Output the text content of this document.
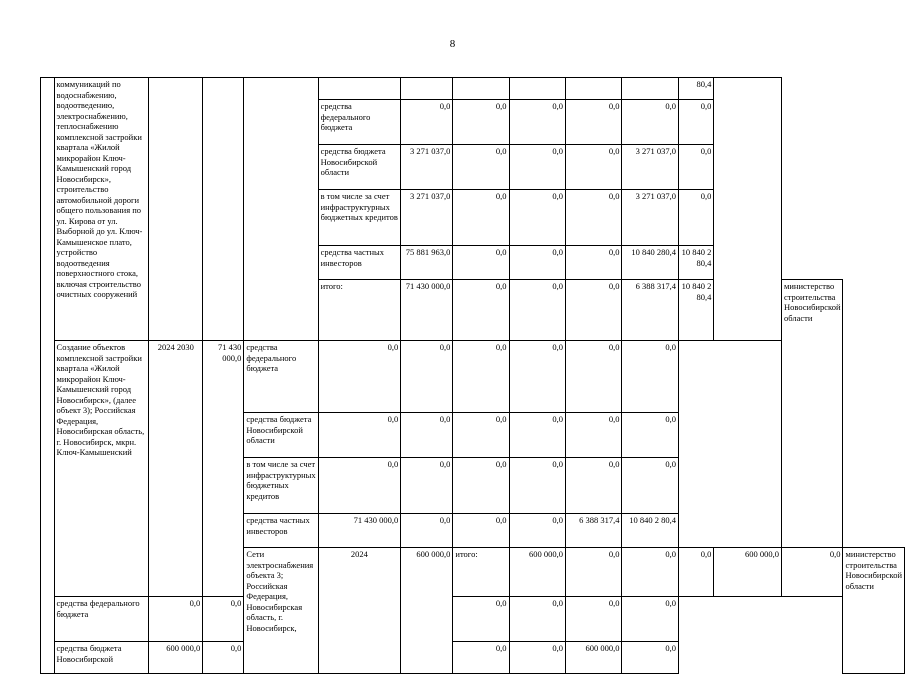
8
	коммуникаций по водоснабжению, водоотведению, электроснабжению, теплоснабжению комплексной застройки квартала «Жилой микрорайон Ключ-Камышенский город Новосибирск», строительство автомобильной дороги общего пользования по ул. Кирова от ул. Выборной до ул. Ключ-Камышенское плато, устройство водоотведения поверхностного стока, включая строительство очистных сооружений										80,4			
					средства федерального бюджета	0,0	0,0	0,0	0,0	0,0	0,0			
					средства бюджета Новосибирской области	3 271 037,0	0,0	0,0	0,0	3 271 037,0	0,0			
					в том числе за счет инфраструктурных бюджетных кредитов	3 271 037,0	0,0	0,0	0,0	3 271 037,0	0,0			
					средства частных инвесторов	75 881 963,0	0,0	0,0	0,0	10 840 280,4	10 840 2 80,4			
					итого:	71 430 000,0	0,0	0,0	0,0	6 388 317,4	10 840 2 80,4		министерство строительства Новосибирской области	
	Создание объектов комплексной застройки квартала «Жилой микрорайон Ключ-Камышенский город Новосибирск», (далее объект 3); Российская Федерация, Новосибирская область, г. Новосибирск, мкрн. Ключ-Камышенский	2024 2030	71 430 000,0	средства федерального бюджета	0,0	0,0	0,0	0,0	0,0	0,0				
				средства бюджета Новосибирской области	0,0	0,0	0,0	0,0	0,0	0,0				
				в том числе за счет инфраструктурных бюджетных кредитов	0,0	0,0	0,0	0,0	0,0	0,0				
				средства частных инвесторов	71 430 000,0	0,0	0,0	0,0	6 388 317,4	10 840 2 80,4				
				Сети электроснабжения объекта 3; Российская Федерация, Новосибирская область, г. Новосибирск,	2024	600 000,0	итого:	600 000,0	0,0	0,0	0,0	600 000,0	0,0	министерство строительства Новосибирской области
	средства федерального бюджета	0,0	0,0				0,0	0,0	0,0	0,0				
	средства бюджета Новосибирской	600 000,0	0,0				0,0	0,0	600 000,0	0,0				
